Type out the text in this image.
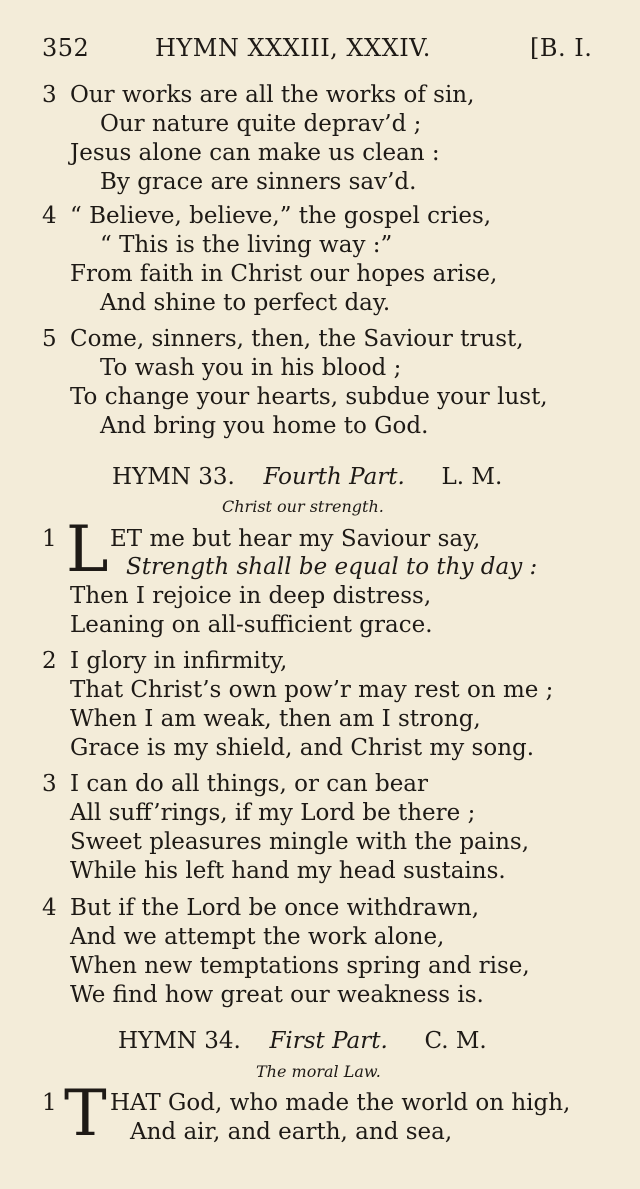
352	HYMN XXXIII, XXXIV.	[B. I.
3 Our works are all the works of sin,
Our nature quite deprav’d ;
Jesus alone can make us clean :
By grace are sinners sav’d.
4 “ Believe, believe,” the gospel cries,
“ This is the living way :”
From faith in Christ our hopes arise,
And shine to perfect day.
5 Come, sinners, then, the Saviour trust,
To wash you in his blood ;
To change your hearts, subdue your lust,
And bring you home to God.
HYMN 33. Fourth Part. L. M.
Christ our strength.
1 L ET me but hear my Saviour say,
Strength shall be equal to thy day :
Then I rejoice in deep distress,
Leaning on all-sufficient grace.
2 I glory in infirmity,
That Christ’s own pow’r may rest on me ;
When I am weak, then am I strong,
Grace is my shield, and Christ my song.
3 I can do all things, or can bear
All suff’rings, if my Lord be there ;
Sweet pleasures mingle with the pains,
While his left hand my head sustains.
4 But if the Lord be once withdrawn,
And we attempt the work alone,
When new temptations spring and rise,
We find how great our weakness is.
HYMN 34. First Part. C. M.
The moral Law.
1 T HAT God, who made the world on high,
And air, and earth, and sea,
